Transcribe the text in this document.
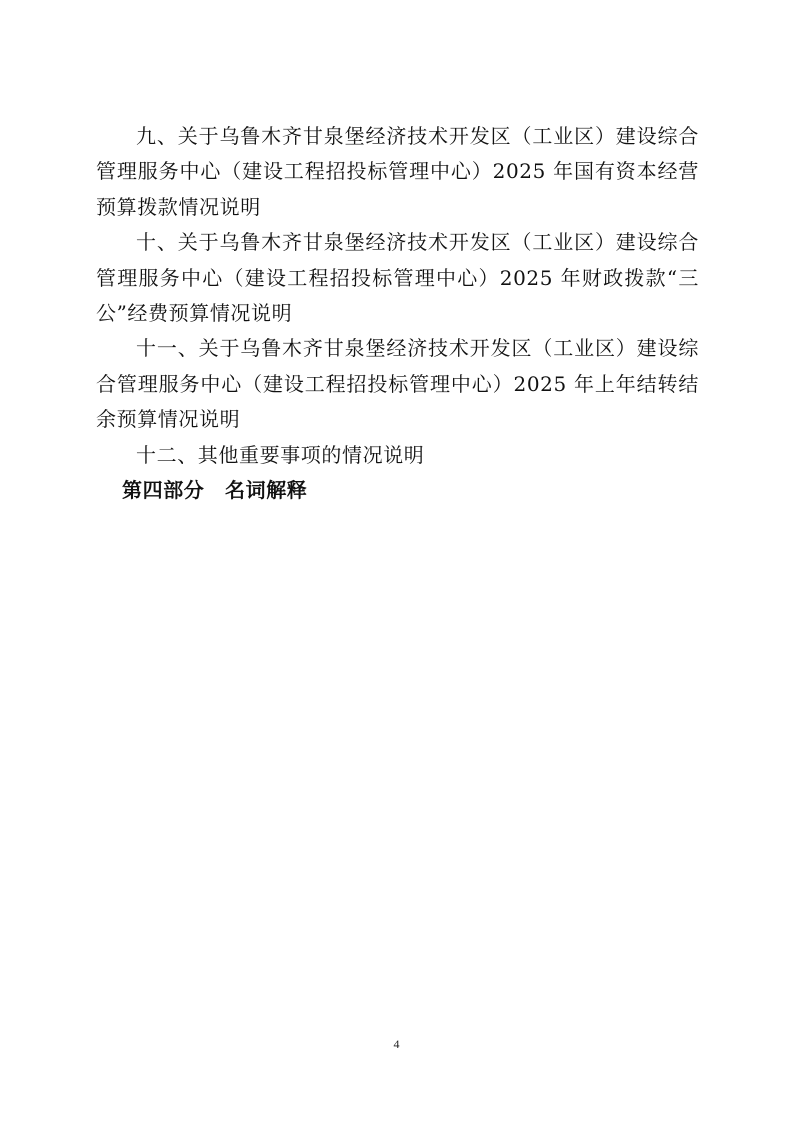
九、关于乌鲁木齐甘泉堡经济技术开发区（工业区）建设综合管理服务中心（建设工程招投标管理中心）2025 年国有资本经营预算拨款情况说明

十、关于乌鲁木齐甘泉堡经济技术开发区（工业区）建设综合管理服务中心（建设工程招投标管理中心）2025 年财政拨款“三公”经费预算情况说明

十一、关于乌鲁木齐甘泉堡经济技术开发区（工业区）建设综合管理服务中心（建设工程招投标管理中心）2025 年上年结转结余预算情况说明

十二、其他重要事项的情况说明

第四部分　名词解释

4
